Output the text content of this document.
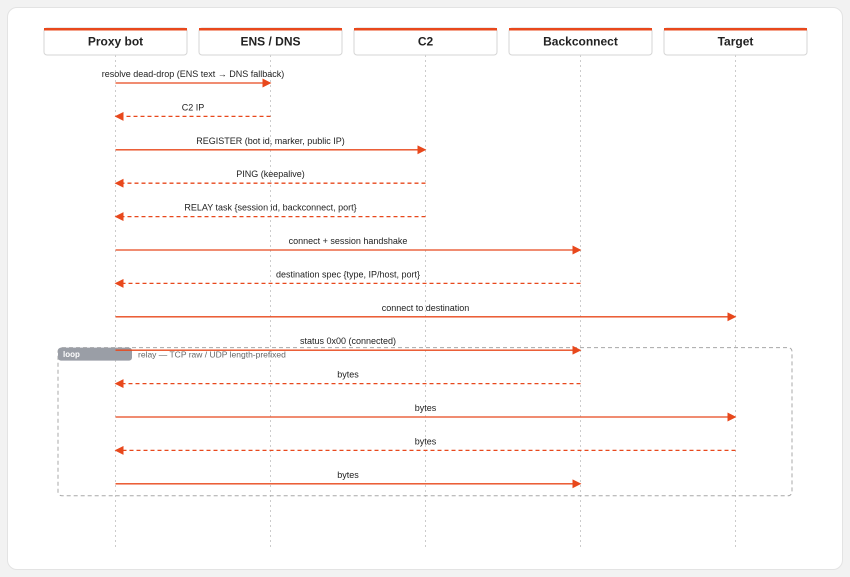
Proxy bot	ENS / DNS	C2	Backconnect	Target
loop	relay — TCP raw / UDP length-prefixed
resolve dead-drop (ENS text → DNS fallback)
C2 IP
REGISTER (bot id, marker, public IP)
PING (keepalive)
RELAY task {session id, backconnect, port}
connect + session handshake
destination spec {type, IP/host, port}
connect to destination
status 0x00 (connected)
bytes
bytes
bytes
bytes
